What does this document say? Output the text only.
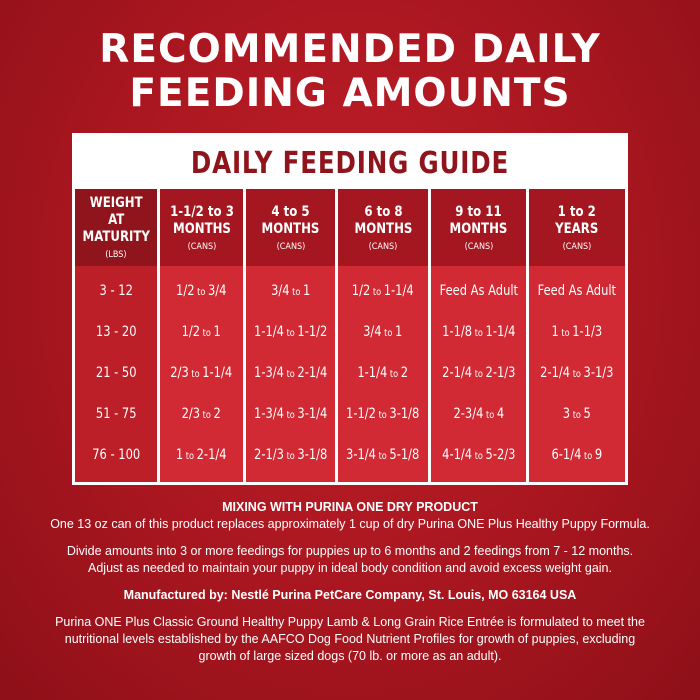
RECOMMENDED DAILY
FEEDING AMOUNTS
DAILY FEEDING GUIDE
WEIGHT AT
MATURITY
(LBS)
3 - 12
13 - 20
21 - 50
51 - 75
76 - 100
1-1/2 to 3
MONTHS
(CANS)
1/2 to 3/4
1/2 to 1
2/3 to 1-1/4
2/3 to 2
1 to 2-1/4
4 to 5
MONTHS
(CANS)
3/4 to 1
1-1/4 to 1-1/2
1-3/4 to 2-1/4
1-3/4 to 3-1/4
2-1/3 to 3-1/8
6 to 8
MONTHS
(CANS)
1/2 to 1-1/4
3/4 to 1
1-1/4 to 2
1-1/2 to 3-1/8
3-1/4 to 5-1/8
9 to 11
MONTHS
(CANS)
Feed As Adult
1-1/8 to 1-1/4
2-1/4 to 2-1/3
2-3/4 to 4
4-1/4 to 5-2/3
1 to 2
YEARS
(CANS)
Feed As Adult
1 to 1-1/3
2-1/4 to 3-1/3
3 to 5
6-1/4 to 9

MIXING WITH PURINA ONE DRY PRODUCT

One 13 oz can of this product replaces approximately 1 cup of dry Purina ONE Plus Healthy Puppy Formula.

Divide amounts into 3 or more feedings for puppies up to 6 months and 2 feedings from 7 - 12 months.

Adjust as needed to maintain your puppy in ideal body condition and avoid excess weight gain.

Manufactured by: Nestlé Purina PetCare Company, St. Louis, MO 63164 USA

Purina ONE Plus Classic Ground Healthy Puppy Lamb & Long Grain Rice Entrée is formulated to meet the

nutritional levels established by the AAFCO Dog Food Nutrient Profiles for growth of puppies, excluding

growth of large sized dogs (70 lb. or more as an adult).
